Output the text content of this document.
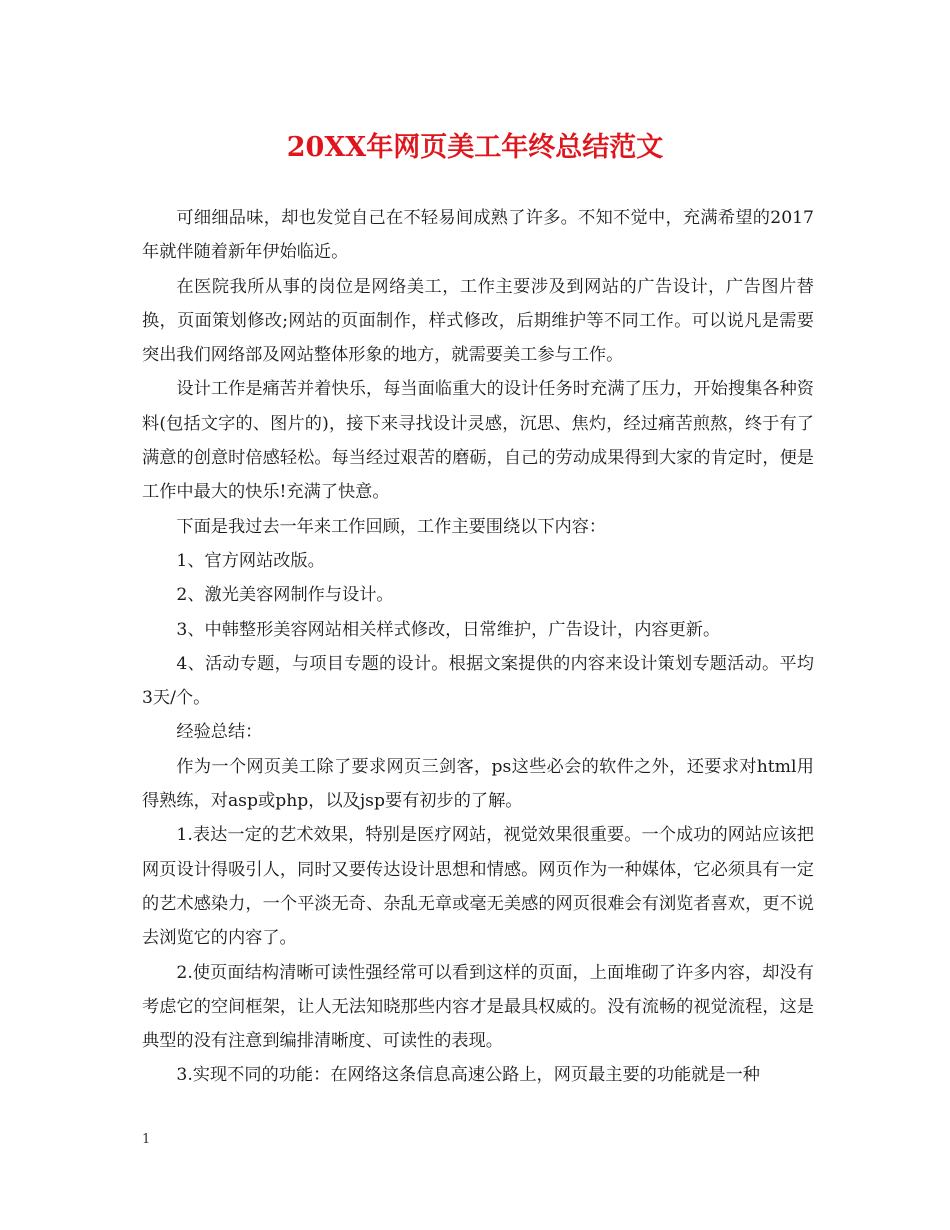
20XX年网页美工年终总结范文

可细细品味，却也发觉自己在不轻易间成熟了许多。不知不觉中，充满希望的2017年就伴随着新年伊始临近。

在医院我所从事的岗位是网络美工，工作主要涉及到网站的广告设计，广告图片替换，页面策划修改;网站的页面制作，样式修改，后期维护等不同工作。可以说凡是需要突出我们网络部及网站整体形象的地方，就需要美工参与工作。

设计工作是痛苦并着快乐，每当面临重大的设计任务时充满了压力，开始搜集各种资料(包括文字的、图片的)，接下来寻找设计灵感，沉思、焦灼，经过痛苦煎熬，终于有了满意的创意时倍感轻松。每当经过艰苦的磨砺，自己的劳动成果得到大家的肯定时，便是工作中最大的快乐!充满了快意。

下面是我过去一年来工作回顾，工作主要围绕以下内容：

1、官方网站改版。

2、激光美容网制作与设计。

3、中韩整形美容网站相关样式修改，日常维护，广告设计，内容更新。

4、活动专题，与项目专题的设计。根据文案提供的内容来设计策划专题活动。平均 3天/个。

经验总结：

作为一个网页美工除了要求网页三剑客，ps这些必会的软件之外，还要求对html用得熟练，对asp或php，以及jsp要有初步的了解。

1.表达一定的艺术效果，特别是医疗网站，视觉效果很重要。一个成功的网站应该把网页设计得吸引人，同时又要传达设计思想和情感。网页作为一种媒体，它必须具有一定的艺术感染力，一个平淡无奇、杂乱无章或毫无美感的网页很难会有浏览者喜欢，更不说去浏览它的内容了。

2.使页面结构清晰可读性强经常可以看到这样的页面，上面堆砌了许多内容，却没有考虑它的空间框架，让人无法知晓那些内容才是最具权威的。没有流畅的视觉流程，这是典型的没有注意到编排清晰度、可读性的表现。

3.实现不同的功能：在网络这条信息高速公路上，网页最主要的功能就是一种

1
